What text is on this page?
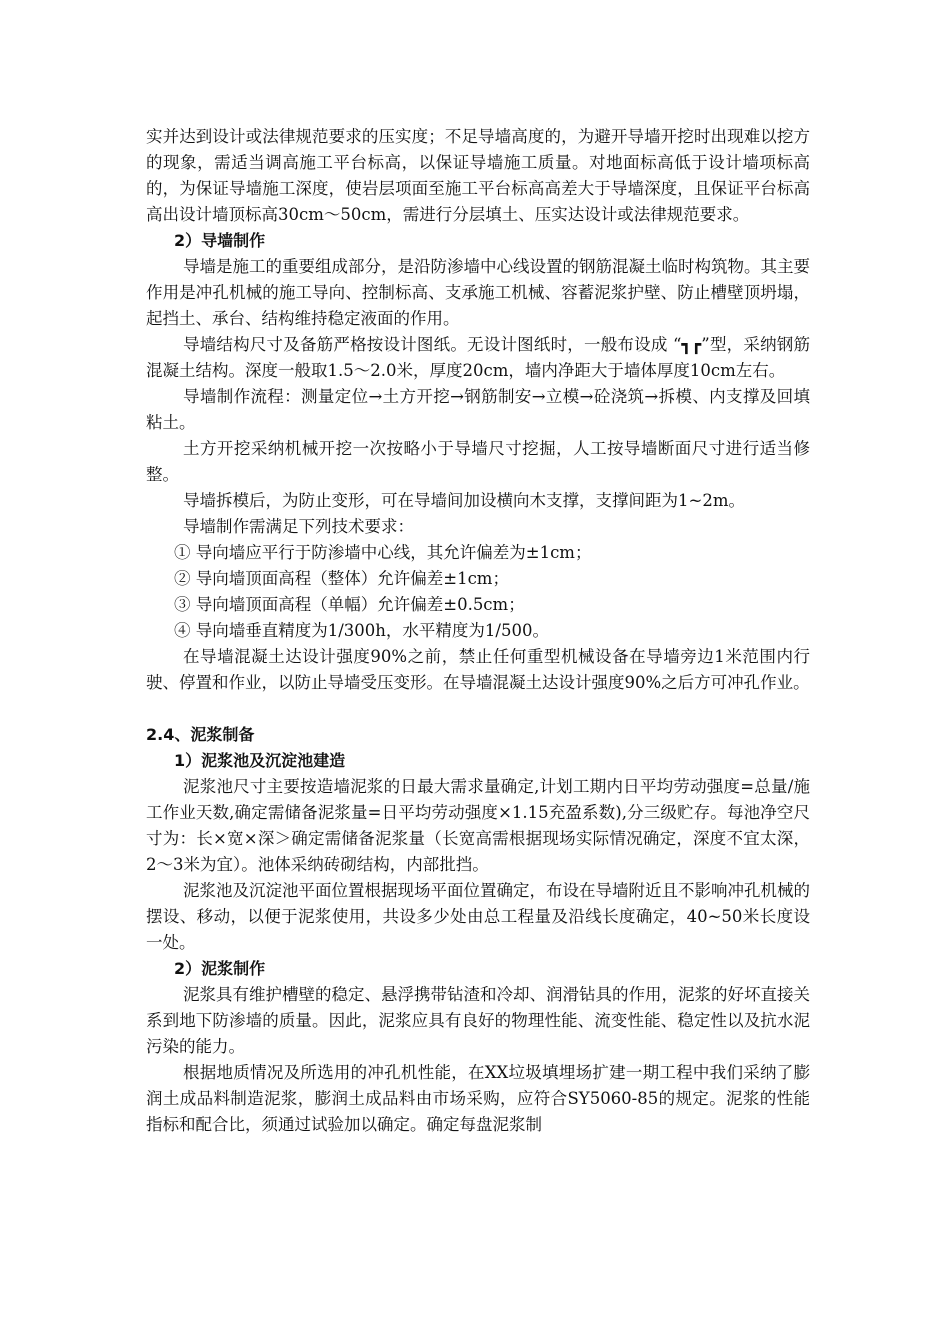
实并达到设计或法律规范要求的压实度；不足导墙高度的，为避开导墙开挖时出现难以挖方的现象，需适当调高施工平台标高，以保证导墙施工质量。对地面标高低于设计墙项标高的，为保证导墙施工深度，使岩层项面至施工平台标高高差大于导墙深度，且保证平台标高高出设计墙顶标高30cm～50cm，需进行分层填土、压实达设计或法律规范要求。
2）导墙制作
导墙是施工的重要组成部分，是沿防渗墙中心线设置的钢筋混凝土临时构筑物。其主要作用是冲孔机械的施工导向、控制标高、支承施工机械、容蓄泥浆护壁、防止槽壁顶坍塌，起挡土、承台、结构维持稳定液面的作用。
导墙结构尺寸及备筋严格按设计图纸。无设计图纸时，一般布设成 “┓┏”型，采纳钢筋混凝土结构。深度一般取1.5～2.0米，厚度20cm，墙内净距大于墙体厚度10cm左右。
导墙制作流程：测量定位→土方开挖→钢筋制安→立模→砼浇筑→拆模、内支撑及回填粘土。
土方开挖采纳机械开挖一次按略小于导墙尺寸挖掘，人工按导墙断面尺寸进行适当修整。
导墙拆模后，为防止变形，可在导墙间加设横向木支撑，支撑间距为1~2m。
导墙制作需满足下列技术要求：
① 导向墙应平行于防渗墙中心线，其允许偏差为±1cm；
② 导向墙顶面高程（整体）允许偏差±1cm；
③ 导向墙顶面高程（单幅）允许偏差±0.5cm；
④ 导向墙垂直精度为1/300h，水平精度为1/500。
在导墙混凝土达设计强度90%之前，禁止任何重型机械设备在导墙旁边1米范围内行驶、停置和作业，以防止导墙受压变形。在导墙混凝土达设计强度90%之后方可冲孔作业。
2.4、泥浆制备
1）泥浆池及沉淀池建造
泥浆池尺寸主要按造墙泥浆的日最大需求量确定,计划工期内日平均劳动强度=总量/施工作业天数,确定需储备泥浆量=日平均劳动强度×1.15充盈系数),分三级贮存。每池净空尺寸为：长×宽×深＞确定需储备泥浆量（长宽高需根据现场实际情况确定，深度不宜太深，2～3米为宜）。池体采纳砖砌结构，内部批挡。
泥浆池及沉淀池平面位置根据现场平面位置确定，布设在导墙附近且不影响冲孔机械的摆设、移动，以便于泥浆使用，共设多少处由总工程量及沿线长度确定，40~50米长度设一处。
2）泥浆制作
泥浆具有维护槽壁的稳定、悬浮携带钻渣和冷却、润滑钻具的作用，泥浆的好坏直接关系到地下防渗墙的质量。因此，泥浆应具有良好的物理性能、流变性能、稳定性以及抗水泥污染的能力。
根据地质情况及所选用的冲孔机性能，在XX垃圾填埋场扩建一期工程中我们采纳了膨润土成品料制造泥浆，膨润土成品料由市场采购，应符合SY5060-85的规定。泥浆的性能指标和配合比，须通过试验加以确定。确定每盘泥浆制
